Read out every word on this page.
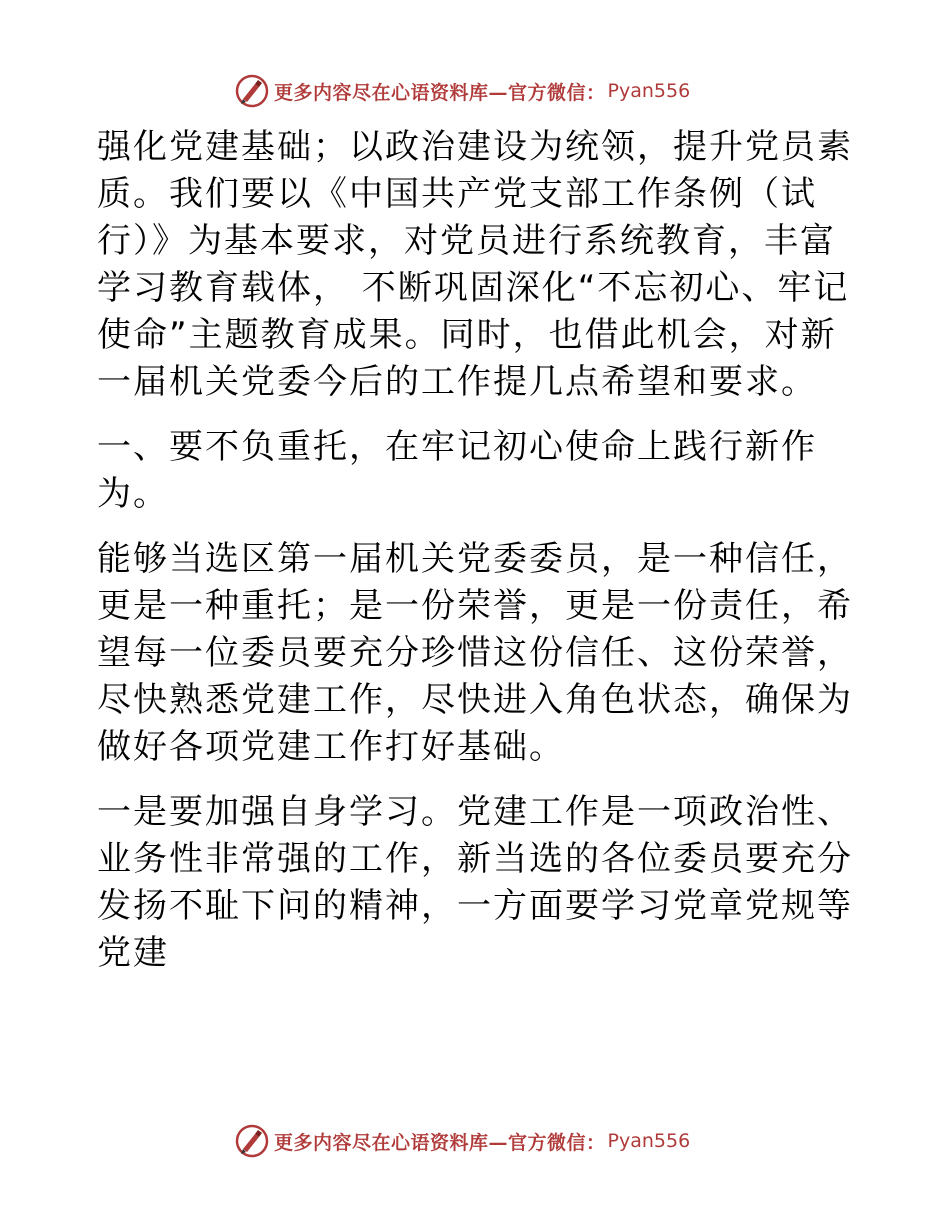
更多内容尽在心语资料库—官方微信： Pyan556

强化党建基础；以政治建设为统领，提升党员素质。我们要以《中国共产党支部工作条例（试行）》为基本要求，对党员进行系统教育，丰富学习教育载体， 不断巩固深化“不忘初心、牢记使命”主题教育成果。同时，也借此机会，对新一届机关党委今后的工作提几点希望和要求。

一、要不负重托，在牢记初心使命上践行新作为。

能够当选区第一届机关党委委员，是一种信任，更是一种重托；是一份荣誉，更是一份责任，希望每一位委员要充分珍惜这份信任、这份荣誉，尽快熟悉党建工作，尽快进入角色状态，确保为做好各项党建工作打好基础。

一是要加强自身学习。党建工作是一项政治性、业务性非常强的工作，新当选的各位委员要充分发扬不耻下问的精神，一方面要学习党章党规等党建

更多内容尽在心语资料库—官方微信： Pyan556
